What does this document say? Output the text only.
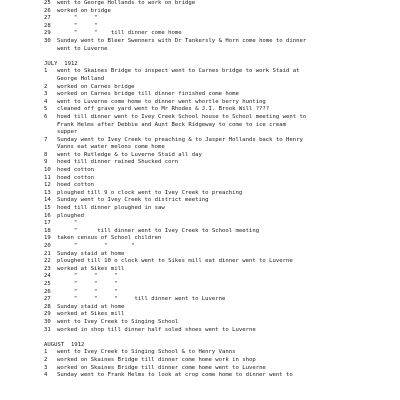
25	went to George Hollands to work on bridge
26	worked on bridge
27	"     "
28	"     "
29	"     "    till dinner come home
30	Sunday went to Bleer Swenners with Dr Tankersly & Horn come home to dinner
went to Luverne
JULY  1912
1	went to Skaines Bridge to inspect went to Carnes bridge to work Staid at
George Holland
2	worked on Carnes bridge
3	worked on Carnes bridge till dinner finished come home
4	went to Luverne come home to dinner went whortle berry hunting
5	cleaned off grave yard went to Mr Rhodes & J.I. Brook Will ????
6	hoed till dinner went to Ivey Creek School house to School meeting went to
Frank Helms after Debbie and Aunt Beck Ridgeway to come to ice cream
supper
7	Sunday went to Ivey Creek to preaching & to Jasper Hollands back to Henry
Vanns eat water melons come home
8	went to Rutledge & to Luverne Staid all day
9	hoed till dinner rained Shucked corn
10	hoed cotton
11	hoed cotton
12	hoed cotton
13	ploughed till 9 o clock went to Ivey Creek to preaching
14	Sunday went to Ivey Creek to district meeting
15	hoed till dinner ploughed in saw
16	ploughed
17	"
18	"      till dinner went to Ivey Creek to School meeting
19	taken census of School children
20	"        "       "
21	Sunday staid at home
22	ploughed till 10 o clock went to Sikes mill eat dinner went to Luverne
23	worked at Sikes mill
24	"     "     "
25	"     "     "
26	"     "     "
27	"     "     "     till dinner went to Luverne
28	Sunday staid at home
29	worked at Sikes mill
30	went to Ivey Creek to Singing School
31	worked in shop till dinner half soled shoes went to Luverne
AUGUST  1912
1	went to Ivey Creek to Singing School & to Henry Vanns
2	worked on Skaines Bridge till dinner come home work in shop
3	worked on Skaines Bridge till dinner come home went to Luverne
4	Sunday went to Frank Helms to look at crop come home to dinner went to
